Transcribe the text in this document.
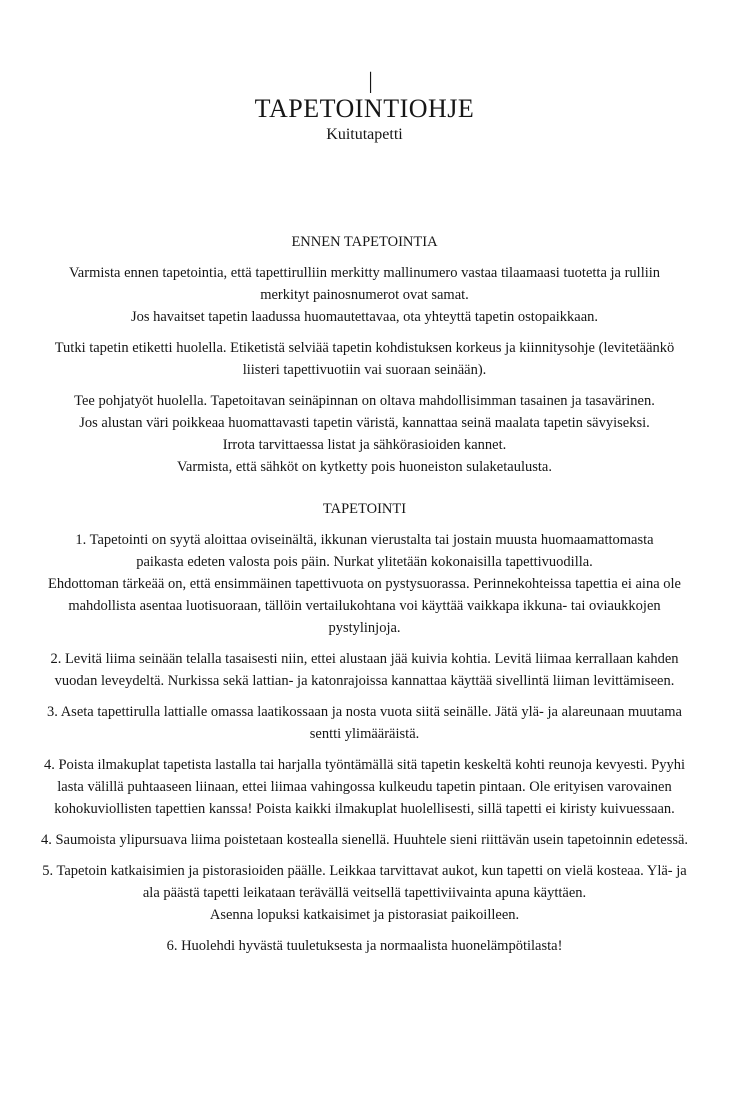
|
TAPETOINTIOHJE
Kuitutapetti
ENNEN TAPETOINTIA
Varmista ennen tapetointia, että tapettirulliin merkitty mallinumero vastaa tilaamaasi tuotetta ja rulliin
merkityt painosnumerot ovat samat.
Jos havaitset tapetin laadussa huomautettavaa, ota yhteyttä tapetin ostopaikkaan.
Tutki tapetin etiketti huolella. Etiketistä selviää tapetin kohdistuksen korkeus ja kiinnitysohje (levitetäänkö
liisteri tapettivuotiin vai suoraan seinään).
Tee pohjatyöt huolella. Tapetoitavan seinäpinnan on oltava mahdollisimman tasainen ja tasavärinen.
Jos alustan väri poikkeaa huomattavasti tapetin väristä, kannattaa seinä maalata tapetin sävyiseksi.
Irrota tarvittaessa listat ja sähkörasioiden kannet.
Varmista, että sähköt on kytketty pois huoneiston sulaketaulusta.
TAPETOINTI
1. Tapetointi on syytä aloittaa oviseinältä, ikkunan vierustalta tai jostain muusta huomaamattomasta
paikasta edeten valosta pois päin. Nurkat ylitetään kokonaisilla tapettivuodilla.
Ehdottoman tärkeää on, että ensimmäinen tapettivuota on pystysuorassa. Perinnekohteissa tapettia ei aina ole
mahdollista asentaa luotisuoraan, tällöin vertailukohtana voi käyttää vaikkapa ikkuna- tai oviaukkojen
pystylinjoja.
2. Levitä liima seinään telalla tasaisesti niin, ettei alustaan jää kuivia kohtia. Levitä liimaa kerrallaan kahden
vuodan leveydeltä. Nurkissa sekä lattian- ja katonrajoissa kannattaa käyttää sivellintä liiman levittämiseen.
3. Aseta tapettirulla lattialle omassa laatikossaan ja nosta vuota siitä seinälle. Jätä ylä- ja alareunaan muutama
sentti ylimääräistä.
4. Poista ilmakuplat tapetista lastalla tai harjalla työntämällä sitä tapetin keskeltä kohti reunoja kevyesti. Pyyhi
lasta välillä puhtaaseen liinaan, ettei liimaa vahingossa kulkeudu tapetin pintaan. Ole erityisen varovainen
kohokuviollisten tapettien kanssa! Poista kaikki ilmakuplat huolellisesti, sillä tapetti ei kiristy kuivuessaan.
4. Saumoista ylipursuava liima poistetaan kostealla sienellä. Huuhtele sieni riittävän usein tapetoinnin edetessä.
5. Tapetoin katkaisimien ja pistorasioiden päälle. Leikkaa tarvittavat aukot, kun tapetti on vielä kosteaa. Ylä- ja
ala päästä tapetti leikataan terävällä veitsellä tapettiviivainta apuna käyttäen.
Asenna lopuksi katkaisimet ja pistorasiat paikoilleen.
6. Huolehdi hyvästä tuuletuksesta ja normaalista huonelämpötilasta!
